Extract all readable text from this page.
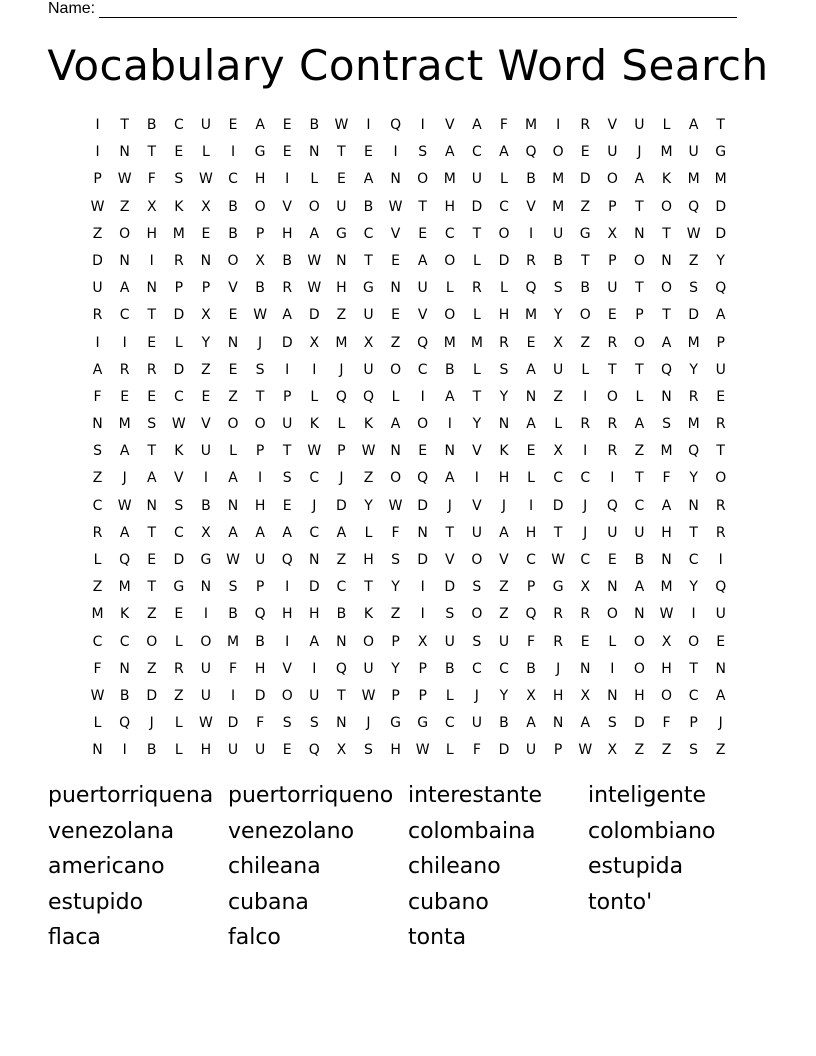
Name:
Vocabulary Contract Word Search
I	T	B	C	U	E	A	E	B	W	I	Q	I	V	A	F	M	I	R	V	U	L	A	T
I	N	T	E	L	I	G	E	N	T	E	I	S	A	C	A	Q	O	E	U	J	M	U	G
P	W	F	S	W	C	H	I	L	E	A	N	O	M	U	L	B	M	D	O	A	K	M	M
W	Z	X	K	X	B	O	V	O	U	B	W	T	H	D	C	V	M	Z	P	T	O	Q	D
Z	O	H	M	E	B	P	H	A	G	C	V	E	C	T	O	I	U	G	X	N	T	W	D
D	N	I	R	N	O	X	B	W	N	T	E	A	O	L	D	R	B	T	P	O	N	Z	Y
U	A	N	P	P	V	B	R	W	H	G	N	U	L	R	L	Q	S	B	U	T	O	S	Q
R	C	T	D	X	E	W	A	D	Z	U	E	V	O	L	H	M	Y	O	E	P	T	D	A
I	I	E	L	Y	N	J	D	X	M	X	Z	Q	M	M	R	E	X	Z	R	O	A	M	P
A	R	R	D	Z	E	S	I	I	J	U	O	C	B	L	S	A	U	L	T	T	Q	Y	U
F	E	E	C	E	Z	T	P	L	Q	Q	L	I	A	T	Y	N	Z	I	O	L	N	R	E
N	M	S	W	V	O	O	U	K	L	K	A	O	I	Y	N	A	L	R	R	A	S	M	R
S	A	T	K	U	L	P	T	W	P	W	N	E	N	V	K	E	X	I	R	Z	M	Q	T
Z	J	A	V	I	A	I	S	C	J	Z	O	Q	A	I	H	L	C	C	I	T	F	Y	O
C	W	N	S	B	N	H	E	J	D	Y	W	D	J	V	J	I	D	J	Q	C	A	N	R
R	A	T	C	X	A	A	A	C	A	L	F	N	T	U	A	H	T	J	U	U	H	T	R
L	Q	E	D	G	W	U	Q	N	Z	H	S	D	V	O	V	C	W	C	E	B	N	C	I
Z	M	T	G	N	S	P	I	D	C	T	Y	I	D	S	Z	P	G	X	N	A	M	Y	Q
M	K	Z	E	I	B	Q	H	H	B	K	Z	I	S	O	Z	Q	R	R	O	N	W	I	U
C	C	O	L	O	M	B	I	A	N	O	P	X	U	S	U	F	R	E	L	O	X	O	E
F	N	Z	R	U	F	H	V	I	Q	U	Y	P	B	C	C	B	J	N	I	O	H	T	N
W	B	D	Z	U	I	D	O	U	T	W	P	P	L	J	Y	X	H	X	N	H	O	C	A
L	Q	J	L	W	D	F	S	S	N	J	G	G	C	U	B	A	N	A	S	D	F	P	J
N	I	B	L	H	U	U	E	Q	X	S	H	W	L	F	D	U	P	W	X	Z	Z	S	Z
puertorriquena puertorriqueno interestante	inteligente
venezolana	venezolano	colombaina	colombiano
americano	chileana	chileano	estupida
estupido	cubana	cubano	tonto'
flaca	falco	tonta
